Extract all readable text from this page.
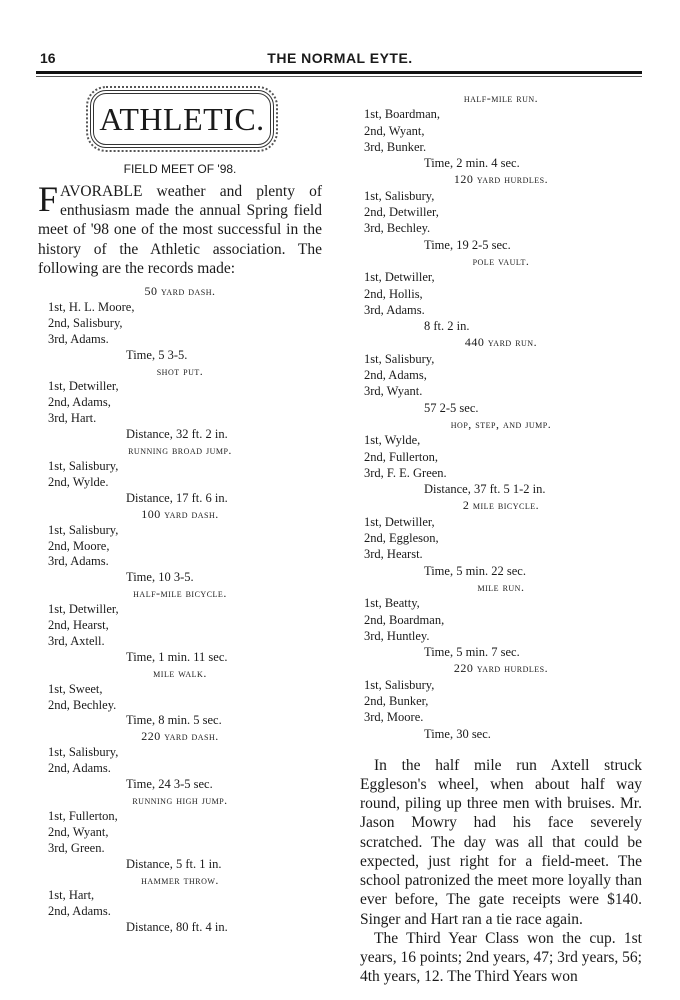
16	THE NORMAL EYTE.
ATHLETIC.
FIELD MEET OF '98.

FAVORABLE weather and plenty of enthusiasm made the annual Spring field meet of '98 one of the most successful in the history of the Athletic association. The following are the records made:

50 yard dash.
1st, H. L. Moore,
2nd, Salisbury,
3rd, Adams.
Time, 5 3-5.
shot put.
1st, Detwiller,
2nd, Adams,
3rd, Hart.
Distance, 32 ft. 2 in.
running broad jump.
1st, Salisbury,
2nd, Wylde.
Distance, 17 ft. 6 in.
100 yard dash.
1st, Salisbury,
2nd, Moore,
3rd, Adams.
Time, 10 3-5.
half-mile bicycle.
1st, Detwiller,
2nd, Hearst,
3rd, Axtell.
Time, 1 min. 11 sec.
mile walk.
1st, Sweet,
2nd, Bechley.
Time, 8 min. 5 sec.
220 yard dash.
1st, Salisbury,
2nd, Adams.
Time, 24 3-5 sec.
running high jump.
1st, Fullerton,
2nd, Wyant,
3rd, Green.
Distance, 5 ft. 1 in.
hammer throw.
1st, Hart,
2nd, Adams.
Distance, 80 ft. 4 in.
half-mile run.
1st, Boardman,
2nd, Wyant,
3rd, Bunker.
Time, 2 min. 4 sec.
120 yard hurdles.
1st, Salisbury,
2nd, Detwiller,
3rd, Bechley.
Time, 19 2-5 sec.
pole vault.
1st, Detwiller,
2nd, Hollis,
3rd, Adams.
8 ft. 2 in.
440 yard run.
1st, Salisbury,
2nd, Adams,
3rd, Wyant.
57 2-5 sec.
hop, step, and jump.
1st, Wylde,
2nd, Fullerton,
3rd, F. E. Green.
Distance, 37 ft. 5 1-2 in.
2 mile bicycle.
1st, Detwiller,
2nd, Eggleson,
3rd, Hearst.
Time, 5 min. 22 sec.
mile run.
1st, Beatty,
2nd, Boardman,
3rd, Huntley.
Time, 5 min. 7 sec.
220 yard hurdles.
1st, Salisbury,
2nd, Bunker,
3rd, Moore.
Time, 30 sec.

In the half mile run Axtell struck Eggleson's wheel, when about half way round, piling up three men with bruises. Mr. Jason Mowry had his face severely scratched. The day was all that could be expected, just right for a field-meet. The school patronized the meet more loyally than ever before, The gate receipts were $140. Singer and Hart ran a tie race again.

The Third Year Class won the cup. 1st years, 16 points; 2nd years, 47; 3rd years, 56; 4th years, 12. The Third Years won
